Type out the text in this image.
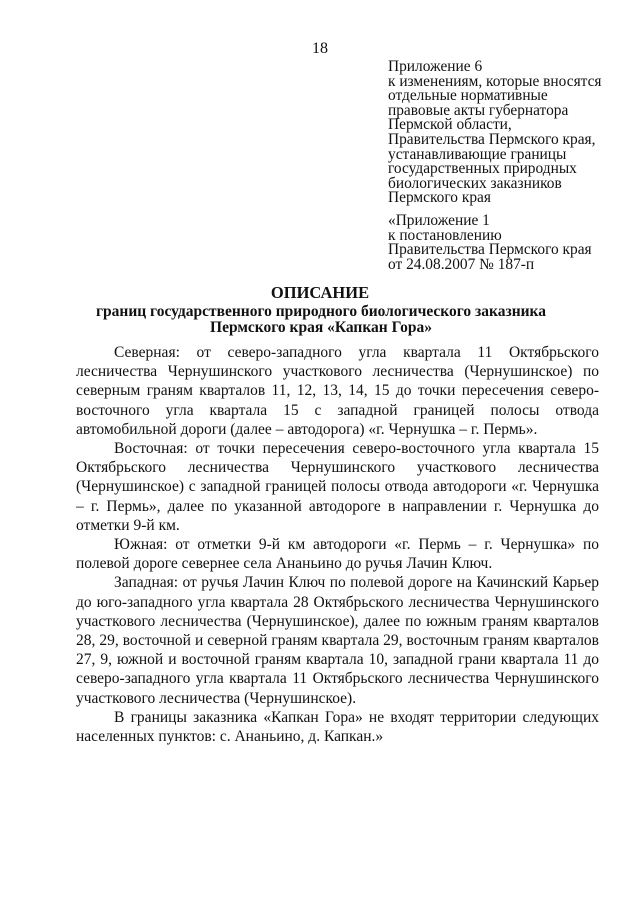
18
Приложение 6
к изменениям, которые вносятся
отдельные нормативные
правовые акты губернатора
Пермской области,
Правительства Пермского края,
устанавливающие границы
государственных природных
биологических заказников
Пермского края
«Приложение 1
к постановлению
Правительства Пермского края
от 24.08.2007 № 187-п
ОПИСАНИЕ
границ государственного природного биологического заказника
Пермского края «Капкан Гора»

Северная: от северо-западного угла квартала 11 Октябрьского лесничества Чернушинского участкового лесничества (Чернушинское) по северным граням кварталов 11, 12, 13, 14, 15 до точки пересечения северо-восточного угла квартала 15 с западной границей полосы отвода автомобильной дороги (далее – автодорога) «г. Чернушка – г. Пермь».

Восточная: от точки пересечения северо-восточного угла квартала 15 Октябрьского лесничества Чернушинского участкового лесничества (Чернушинское) с западной границей полосы отвода автодороги «г. Чернушка – г. Пермь», далее по указанной автодороге в направлении г. Чернушка до отметки 9-й км.

Южная: от отметки 9-й км автодороги «г. Пермь – г. Чернушка» по полевой дороге севернее села Ананьино до ручья Лачин Ключ.

Западная: от ручья Лачин Ключ по полевой дороге на Качинский Карьер до юго-западного угла квартала 28 Октябрьского лесничества Чернушинского участкового лесничества (Чернушинское), далее по южным граням кварталов 28, 29, восточной и северной граням квартала 29, восточным граням кварталов 27, 9, южной и восточной граням квартала 10, западной грани квартала 11 до северо-западного угла квартала 11 Октябрьского лесничества Чернушинского участкового лесничества (Чернушинское).

В границы заказника «Капкан Гора» не входят территории следующих населенных пунктов: с. Ананьино, д. Капкан.»
